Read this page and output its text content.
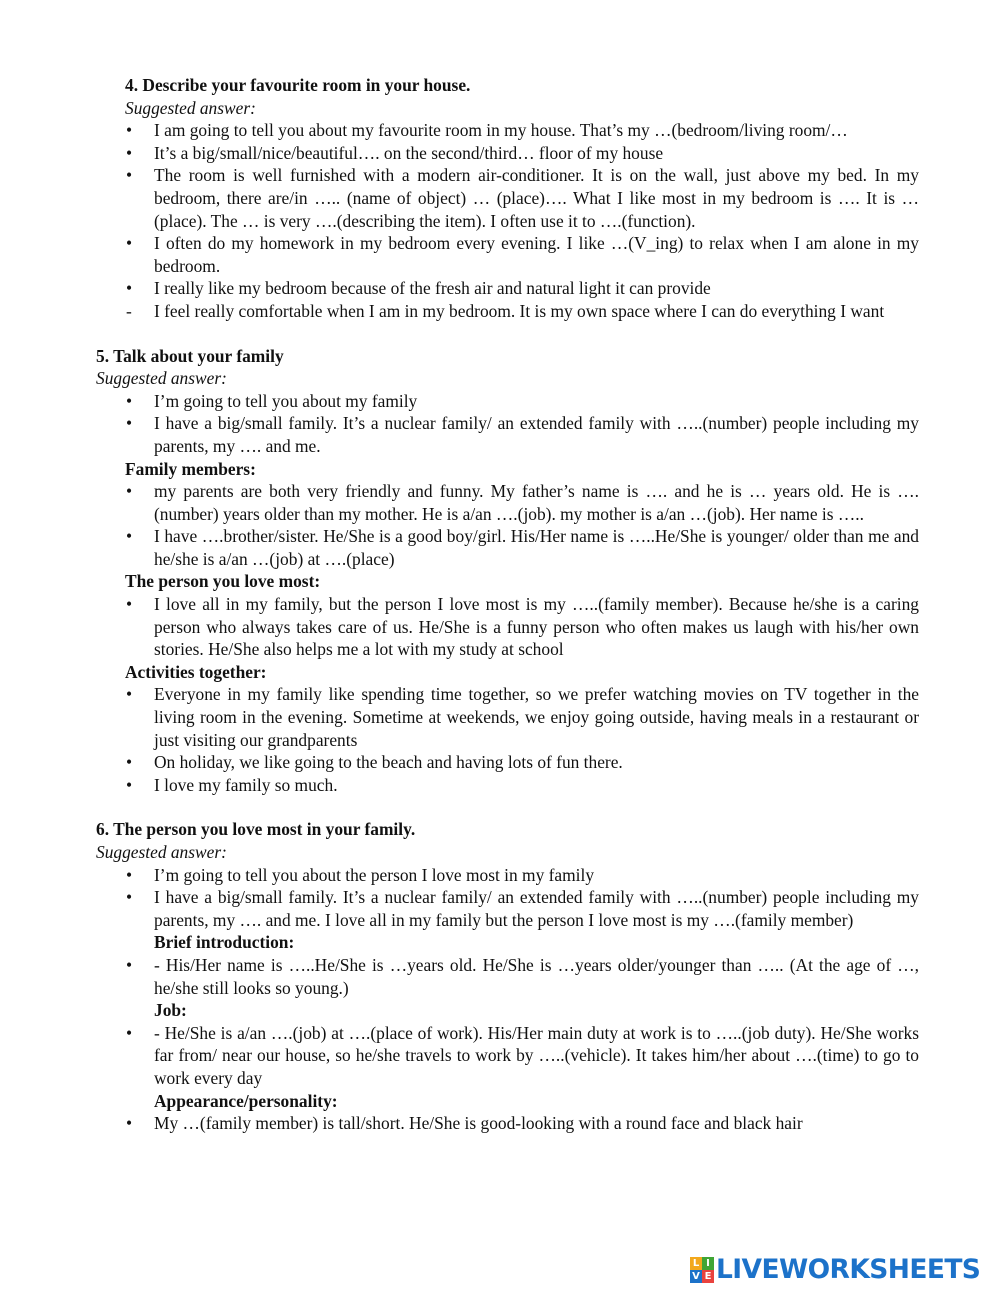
4. Describe your favourite room in your house.

Suggested answer:

• I am going to tell you about my favourite room in my house. That’s my …(bedroom/living room/…
• It’s a big/small/nice/beautiful…. on the second/third… floor of my house
• The room is well furnished with a modern air-conditioner. It is on the wall, just above my bed. In my bedroom, there are/in ….. (name of object) … (place)…. What I like most in my bedroom is …. It is …(place). The … is very ….(describing the item). I often use it to ….(function).
• I often do my homework in my bedroom every evening. I like …(V_ing) to relax when I am alone in my bedroom.
• I really like my bedroom because of the fresh air and natural light it can provide
- I feel really comfortable when I am in my bedroom. It is my own space where I can do everything I want

5. Talk about your family

Suggested answer:

• I’m going to tell you about my family
• I have a big/small family. It’s a nuclear family/ an extended family with …..(number) people including my parents, my …. and me.

Family members:

• my parents are both very friendly and funny. My father’s name is …. and he is … years old. He is ….(number) years older than my mother. He is a/an ….(job). my mother is a/an …(job). Her name is …..
• I have ….brother/sister. He/She is a good boy/girl. His/Her name is …..He/She is younger/ older than me and he/she is a/an …(job) at ….(place)

The person you love most:

• I love all in my family, but the person I love most is my …..(family member). Because he/she is a caring person who always takes care of us. He/She is a funny person who often makes us laugh with his/her own stories. He/She also helps me a lot with my study at school

Activities together:

• Everyone in my family like spending time together, so we prefer watching movies on TV together in the living room in the evening. Sometime at weekends, we enjoy going outside, having meals in a restaurant or just visiting our grandparents
• On holiday, we like going to the beach and having lots of fun there.
• I love my family so much.

6. The person you love most in your family.

Suggested answer:

• I’m going to tell you about the person I love most in my family
• I have a big/small family. It’s a nuclear family/ an extended family with …..(number) people including my parents, my …. and me. I love all in my family but the person I love most is my ….(family member)

Brief introduction:

• - His/Her name is …..He/She is …years old. He/She is …years older/younger than ….. (At the age of …, he/she still looks so young.)

Job:

• - He/She is a/an ….(job) at ….(place of work). His/Her main duty at work is to …..(job duty). He/She works far from/ near our house, so he/she travels to work by …..(vehicle). It takes him/her about ….(time) to go to work every day

Appearance/personality:

• My …(family member) is tall/short. He/She is good-looking with a round face and black hair
L I
V E LIVEWORKSHEETS
